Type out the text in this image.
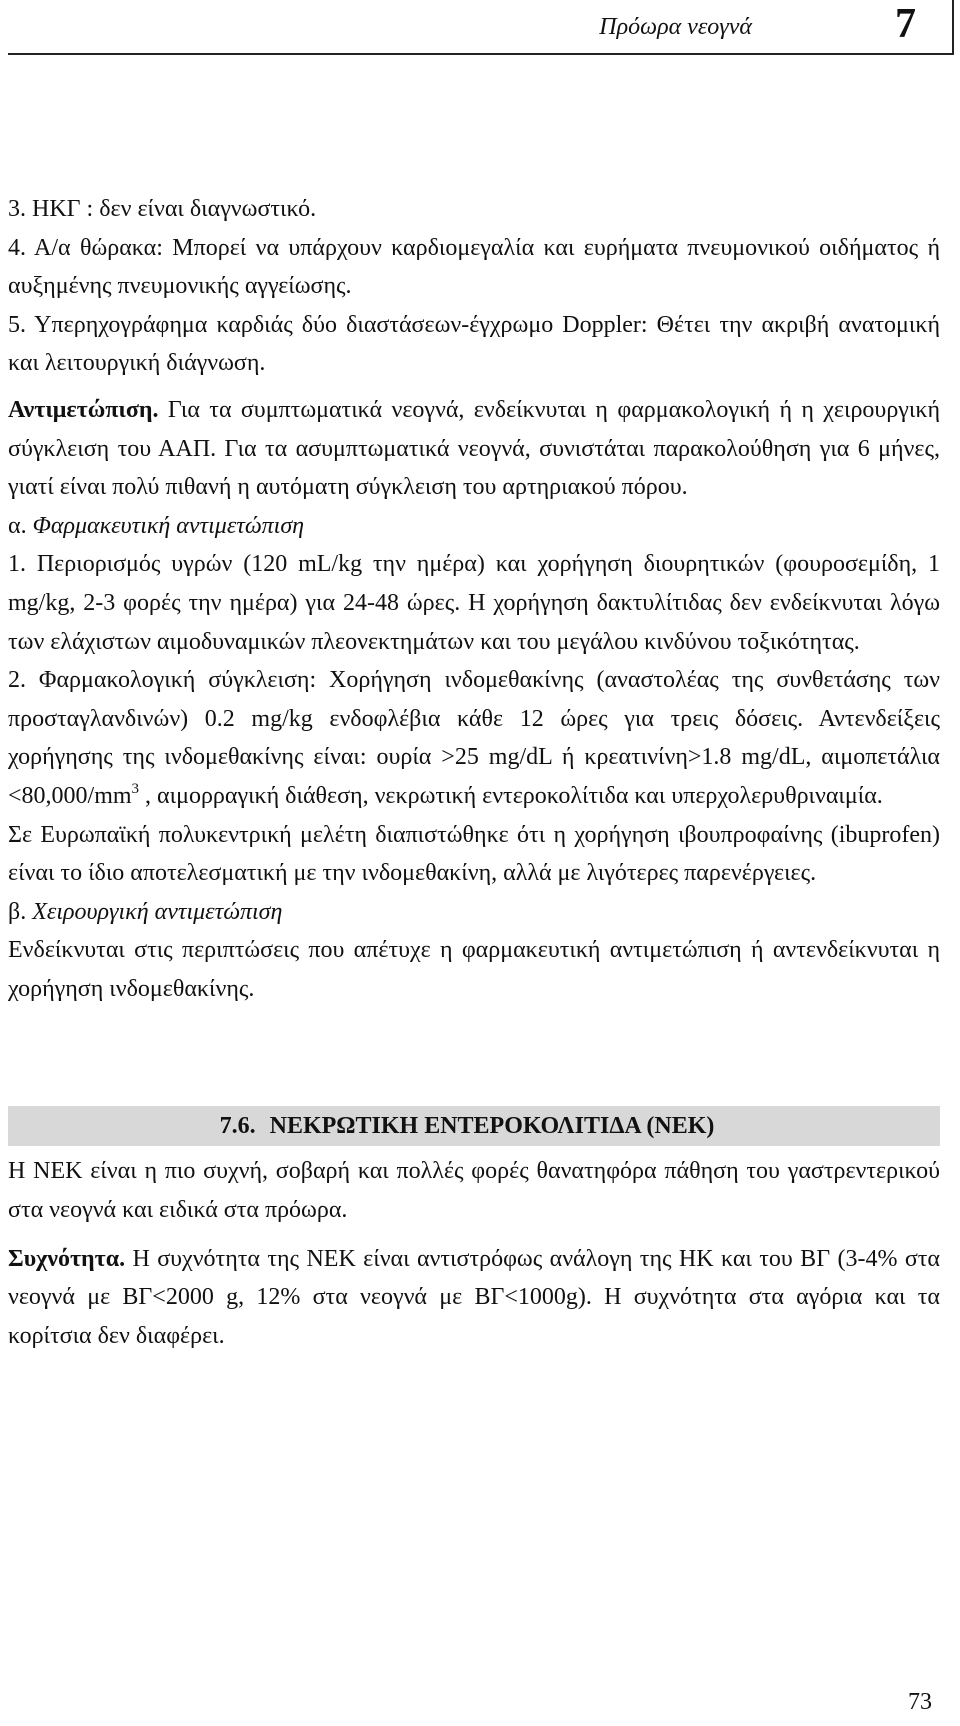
Πρόωρα νεογνά	7

3. ΗΚΓ : δεν είναι διαγνωστικό.

4. Α/α θώρακα: Μπορεί να υπάρχουν καρδιομεγαλία και ευρήματα πνευμονικού οιδήματος ή αυξημένης πνευμονικής αγγείωσης.

5. Υπερηχογράφημα καρδιάς δύο διαστάσεων-έγχρωμο Doppler: Θέτει την ακριβή ανατομική και λειτουργική διάγνωση.

Αντιμετώπιση. Για τα συμπτωματικά νεογνά, ενδείκνυται η φαρμακολογική ή η χειρουργική σύγκλειση του ΑΑΠ. Για τα ασυμπτωματικά νεογνά, συνιστάται παρακολούθηση για 6 μήνες, γιατί είναι πολύ πιθανή η αυτόματη σύγκλειση του αρτηριακού πόρου.

α. Φαρμακευτική αντιμετώπιση

1. Περιορισμός υγρών (120 mL/kg την ημέρα) και χορήγηση διουρητικών (φουροσεμίδη, 1 mg/kg, 2-3 φορές την ημέρα) για 24-48 ώρες. Η χορήγηση δακτυλίτιδας δεν ενδείκνυται λόγω των ελάχιστων αιμοδυναμικών πλεονεκτημάτων και του μεγάλου κινδύνου τοξικότητας.

2. Φαρμακολογική σύγκλειση: Χορήγηση ινδομεθακίνης (αναστολέας της συνθετάσης των προσταγλανδινών) 0.2 mg/kg ενδοφλέβια κάθε 12 ώρες για τρεις δόσεις. Αντενδείξεις χορήγησης της ινδομεθακίνης είναι: ουρία >25 mg/dL ή κρεατινίνη>1.8 mg/dL, $\alpha\iota\mu o\pi\varepsilon\tau ά\lambda\iota\alpha <80,000/mm^3$ , αιμορραγική διάθεση, νεκρωτική εντεροκολίτιδα και υπερχολερυθριναιμία.

Σε Ευρωπαϊκή πολυκεντρική μελέτη διαπιστώθηκε ότι η χορήγηση ιβουπροφαίνης (ibuprofen) είναι το ίδιο αποτελεσματική με την ινδομεθακίνη, αλλά με λιγότερες παρενέργειες.

β. Χειρουργική αντιμετώπιση

Ενδείκνυται στις περιπτώσεις που απέτυχε η φαρμακευτική αντιμετώπιση ή αντενδείκνυται η χορήγηση ινδομεθακίνης.

7.6. ΝΕΚΡΩΤΙΚΗ ΕΝΤΕΡΟΚΟΛΙΤΙΔΑ (ΝΕΚ)

Η ΝΕΚ είναι η πιο συχνή, σοβαρή και πολλές φορές θανατηφόρα πάθηση του γαστρεντερικού στα νεογνά και ειδικά στα πρόωρα.

Συχνότητα. Η συχνότητα της ΝΕΚ είναι αντιστρόφως ανάλογη της ΗΚ και του ΒΓ (3-4% στα νεογνά με ΒΓ<2000 g, 12% στα νεογνά με ΒΓ<1000g). Η συχνότητα στα αγόρια και τα κορίτσια δεν διαφέρει.

73
